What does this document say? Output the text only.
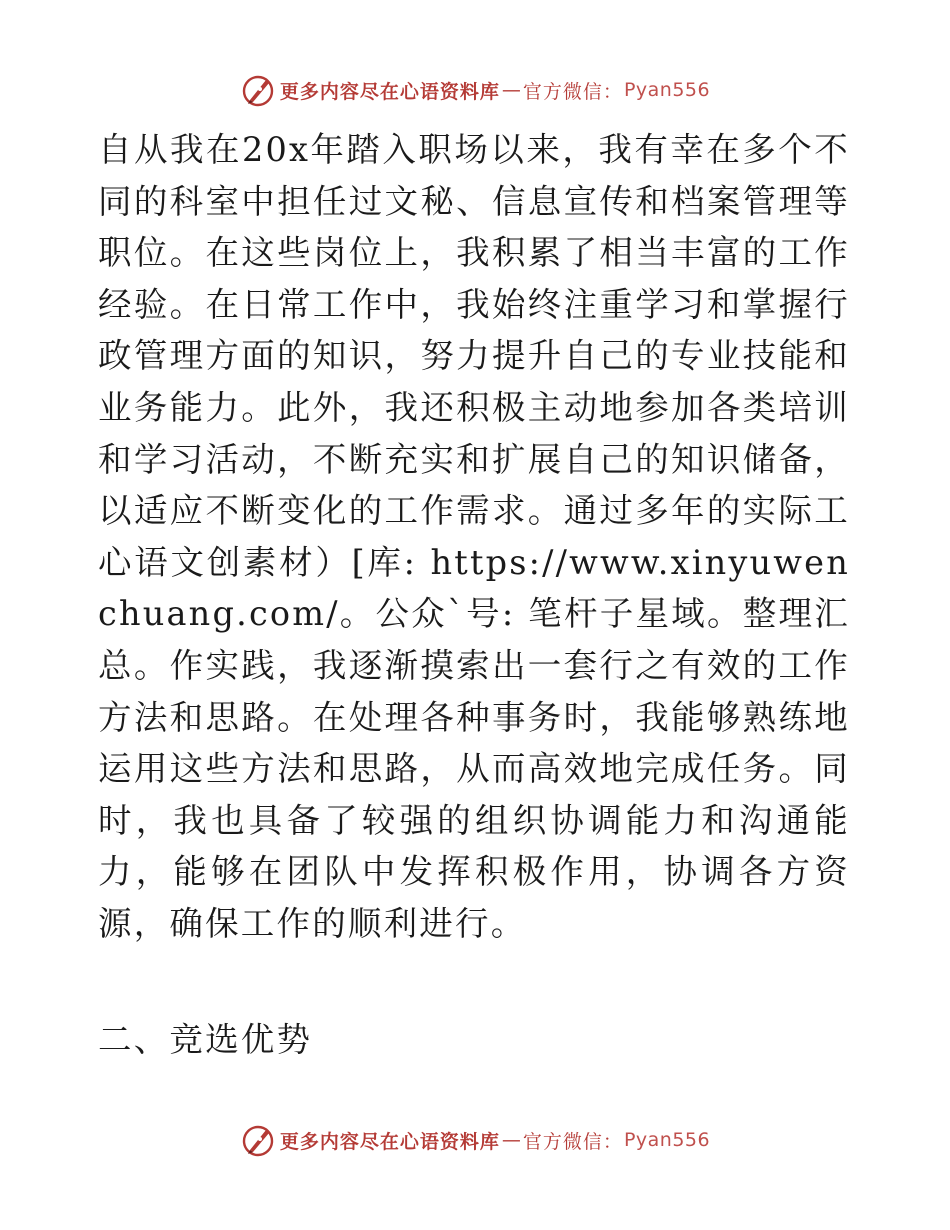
更多内容尽在心语资料库 — 官方微信 ： Pyan556

自从我在20x年踏入职场以来，我有幸在多个不同的科室中担任过文秘、信息宣传和档案管理等职位。在这些岗位上，我积累了相当丰富的工作经验。在日常工作中，我始终注重学习和掌握行政管理方面的知识，努力提升自己的专业技能和业务能力。此外，我还积极主动地参加各类培训和学习活动，不断充实和扩展自己的知识储备，以适应不断变化的工作需求。通过多年的实际工心语文创素材）[库: https://www.xinyuwenchuang.com/。公众`号: 笔杆子星域。整理汇总。作实践，我逐渐摸索出一套行之有效的工作方法和思路。在处理各种事务时，我能够熟练地运用这些方法和思路，从而高效地完成任务。同时，我也具备了较强的组织协调能力和沟通能力，能够在团队中发挥积极作用，协调各方资源，确保工作的顺利进行。

二、竞选优势

更多内容尽在心语资料库 — 官方微信 ： Pyan556
